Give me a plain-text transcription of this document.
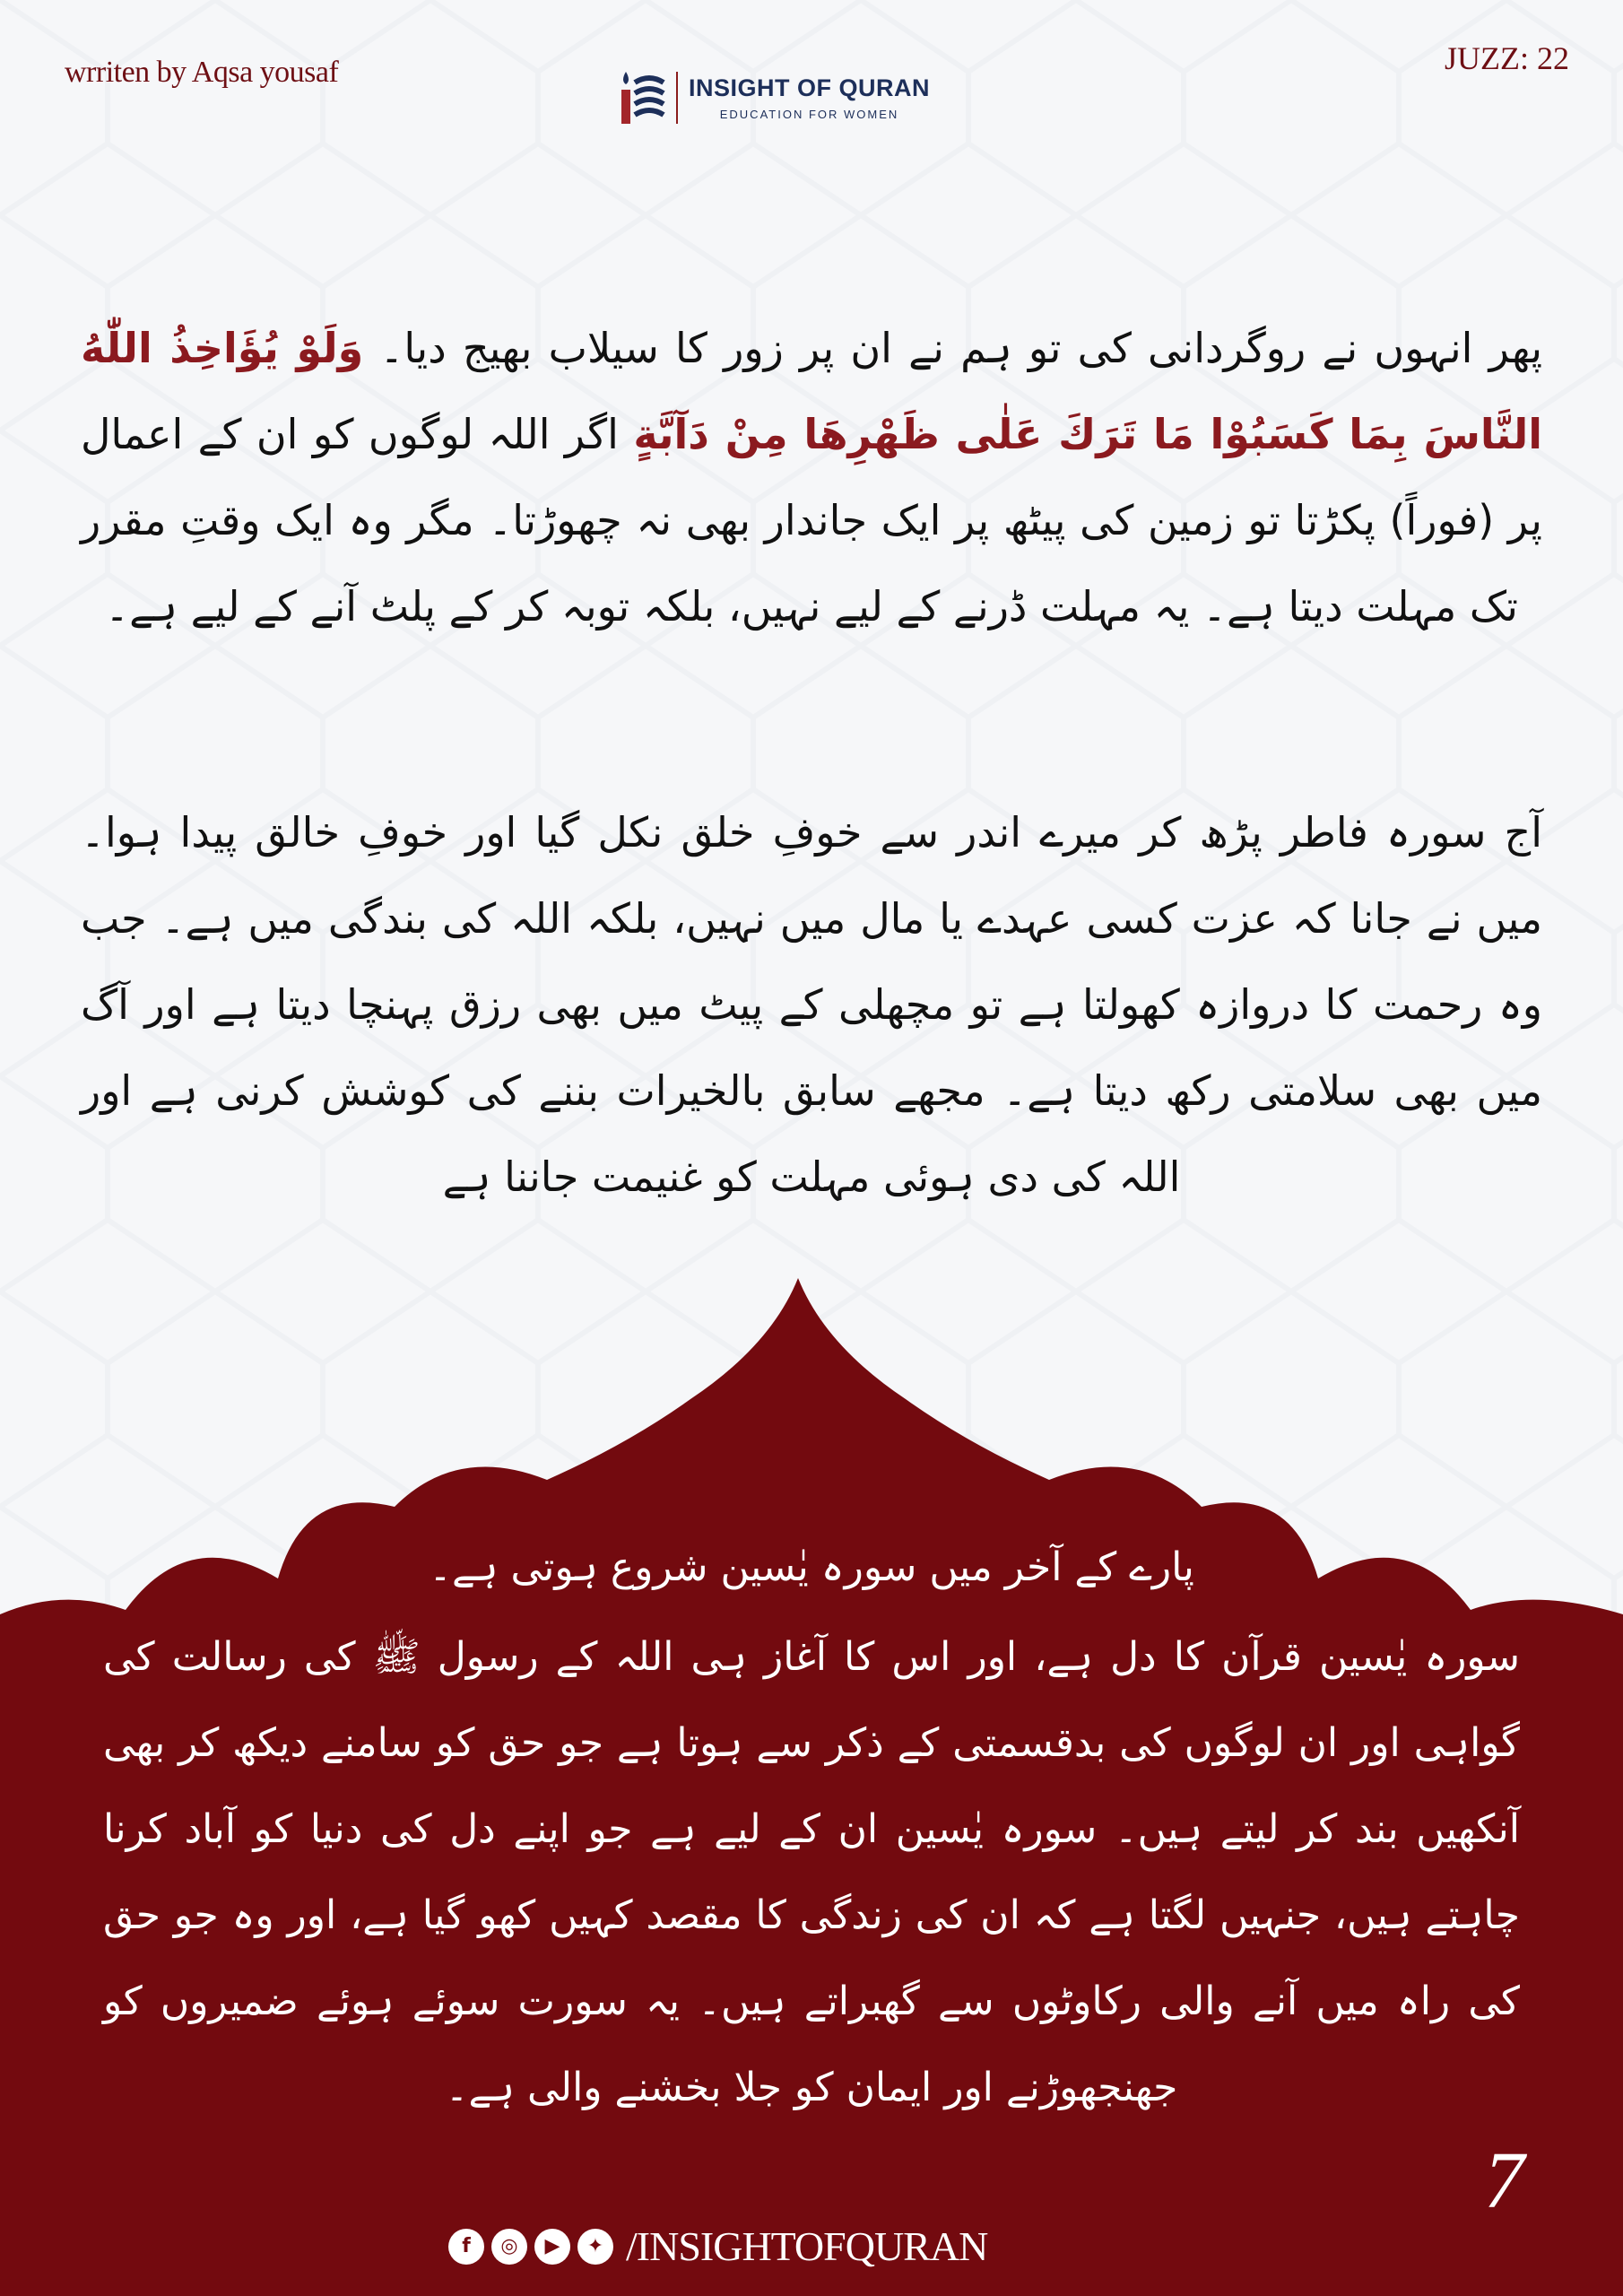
wrriten by Aqsa yousaf	JUZZ: 22
INSIGHT OF QURAN
EDUCATION FOR WOMEN
پھر انہوں نے روگردانی کی تو ہم نے ان پر زور کا سیلاب بھیج دیا۔ وَلَوْ يُؤَاخِذُ اللّٰهُ النَّاسَ بِمَا كَسَبُوْا مَا تَرَكَ عَلٰى ظَهْرِهَا مِنْ دَآبَّةٍ اگر اللہ لوگوں کو ان کے اعمال پر (فوراً) پکڑتا تو زمین کی پیٹھ پر ایک جاندار بھی نہ چھوڑتا۔ مگر وہ ایک وقتِ مقرر تک مہلت دیتا ہے۔ یہ مہلت ڈرنے کے لیے نہیں، بلکہ توبہ کر کے پلٹ آنے کے لیے ہے۔
آج سورہ فاطر پڑھ کر میرے اندر سے خوفِ خلق نکل گیا اور خوفِ خالق پیدا ہوا۔ میں نے جانا کہ عزت کسی عہدے یا مال میں نہیں، بلکہ اللہ کی بندگی میں ہے۔ جب وہ رحمت کا دروازہ کھولتا ہے تو مچھلی کے پیٹ میں بھی رزق پہنچا دیتا ہے اور آگ میں بھی سلامتی رکھ دیتا ہے۔ مجھے سابق بالخیرات بننے کی کوشش کرنی ہے اور اللہ کی دی ہوئی مہلت کو غنیمت جاننا ہے
پارے کے آخر میں سورہ یٰسین شروع ہوتی ہے۔
سورہ یٰسین قرآن کا دل ہے، اور اس کا آغاز ہی اللہ کے رسول ﷺ کی رسالت کی گواہی اور ان لوگوں کی بدقسمتی کے ذکر سے ہوتا ہے جو حق کو سامنے دیکھ کر بھی آنکھیں بند کر لیتے ہیں۔ سورہ یٰسین ان کے لیے ہے جو اپنے دل کی دنیا کو آباد کرنا چاہتے ہیں، جنہیں لگتا ہے کہ ان کی زندگی کا مقصد کہیں کھو گیا ہے، اور وہ جو حق کی راہ میں آنے والی رکاوٹوں سے گھبراتے ہیں۔ یہ سورت سوئے ہوئے ضمیروں کو جھنجھوڑنے اور ایمان کو جلا بخشنے والی ہے۔
7
f	◎	▶	✦ /INSIGHTOFQURAN
